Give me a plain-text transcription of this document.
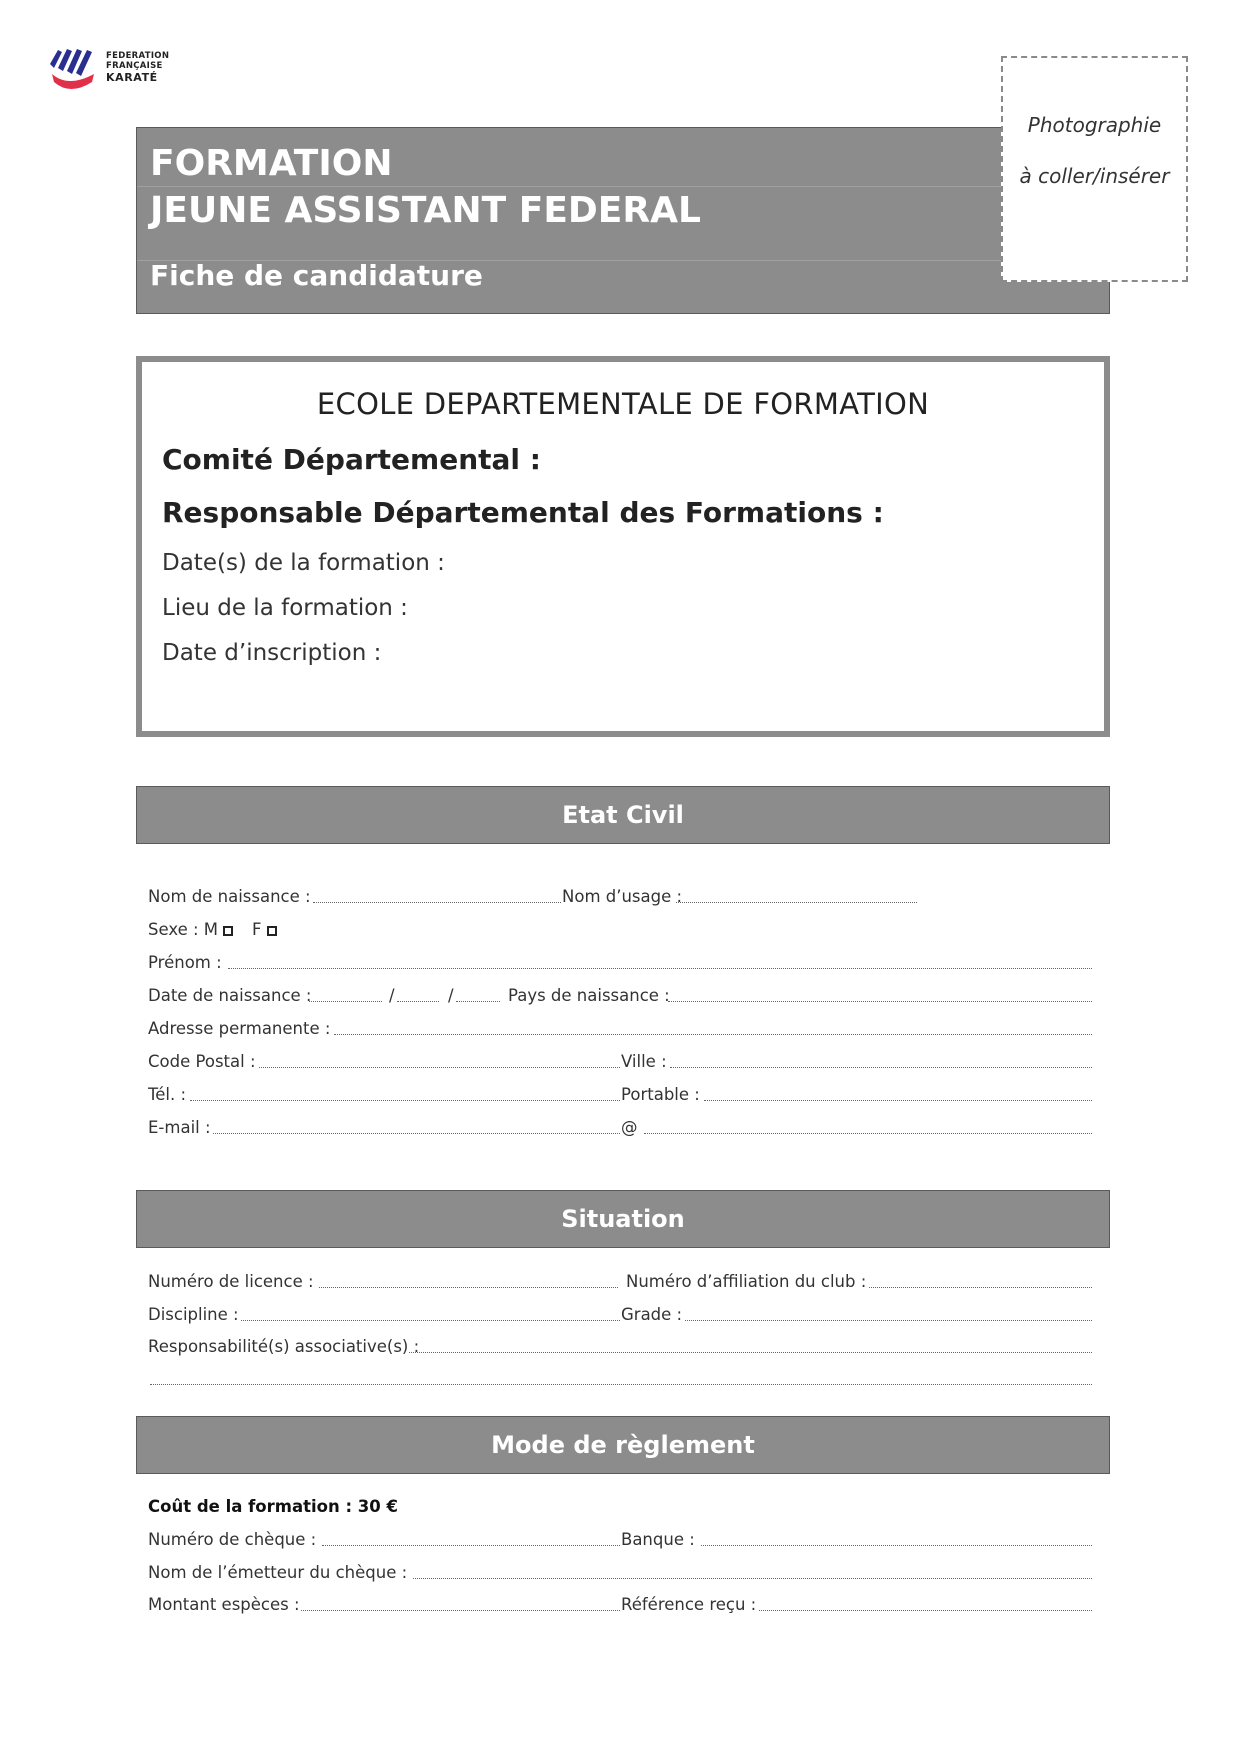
FEDERATION
FRANÇAISE
KARATÉ
FORMATION
JEUNE ASSISTANT FEDERAL
Fiche de candidature
Photographie
à coller/insérer
ECOLE DEPARTEMENTALE DE FORMATION
Comité Départemental :
Responsable Départemental des Formations :
Date(s) de la formation :
Lieu de la formation :
Date d’inscription :
Etat Civil
Nom de naissance :	Nom d’usage :
Sexe : M	F
Prénom :
Date de naissance :	/	/	Pays de naissance :
Adresse permanente :
Code Postal :	Ville :
Tél. :	Portable :
E-mail :	@
Situation
Numéro de licence :	Numéro d’affiliation du club :
Discipline :	Grade :
Responsabilité(s) associative(s) :
Mode de règlement
Coût de la formation : 30 €
Numéro de chèque :	Banque :
Nom de l’émetteur du chèque :
Montant espèces :	Référence reçu :
